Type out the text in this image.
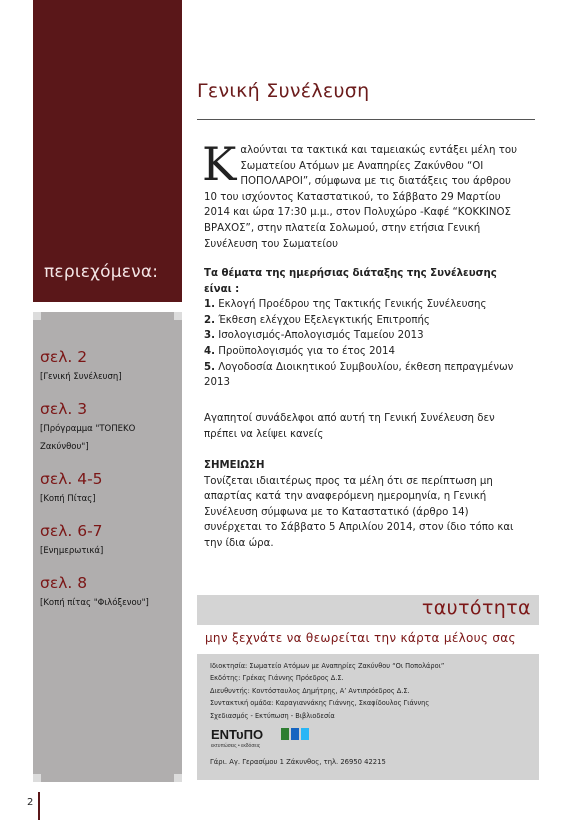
περιεχόμενα:
σελ. 2
[Γενική Συνέλευση]
σελ. 3
[Πρόγραμμα "ΤΟΠΕΚΟ Ζακύνθου"]
σελ. 4-5
[Κοπή Πίτας]
σελ. 6-7
[Ενημερωτικά]
σελ. 8
[Κοπή πίτας "Φιλόξενου"]
Γενική Συνέλευση
Κ αλούνται τα τακτικά και ταμειακώς εντάξει μέλη του Σωματείου Ατόμων με Αναπηρίες Ζακύνθου “ΟΙ ΠΟΠΟΛΑΡΟΙ”, σύμφωνα με τις διατάξεις του άρθρου 10 του ισχύοντος Καταστατικού, το Σάββατο 29 Μαρτίου 2014 και ώρα 17:30 μ.μ., στον Πολυχώρο -Καφέ “ΚΟΚΚΙΝΟΣ ΒΡΑΧΟΣ”, στην πλατεία Σολωμού, στην ετήσια Γενική Συνέλευση του Σωματείου
Τα θέματα της ημερήσιας διάταξης της Συνέλευσης είναι :
1. Εκλογή Προέδρου της Τακτικής Γενικής Συνέλευσης
2. Έκθεση ελέγχου Εξελεγκτικής Επιτροπής
3. Ισολογισμός-Απολογισμός Ταμείου 2013
4. Προϋπολογισμός για το έτος 2014
5. Λογοδοσία Διοικητικού Συμβουλίου, έκθεση πεπραγμένων 2013
Αγαπητοί συνάδελφοι από αυτή τη Γενική Συνέλευση δεν πρέπει να λείψει κανείς
ΣΗΜΕΙΩΣΗ
Τονίζεται ιδιαιτέρως προς τα μέλη ότι σε περίπτωση μη απαρτίας κατά την αναφερόμενη ημερομηνία, η Γενική Συνέλευση σύμφωνα με το Καταστατικό (άρθρο 14) συνέρχεται το Σάββατο 5 Απριλίου 2014, στον ίδιο τόπο και την ίδια ώρα.
ταυτότητα
μην ξεχνάτε να θεωρείται την κάρτα μέλους σας
Ιδιοκτησία: Σωματείο Ατόμων με Αναπηρίες Ζακύνθου “Οι Ποπολάροι”
Εκδότης: Γρέκας Γιάννης Πρόεδρος Δ.Σ.
Διευθυντής: Κοντόσταυλος Δημήτρης, Α’ Αντιπρόεδρος Δ.Σ.
Συντακτική ομάδα: Καραγιαννάκης Γιάννης, Σκαφίδουλος Γιάννης
Σχεδιασμός - Εκτύπωση - Βιβλιοδεσία
ΕΝΤυΠΟ
εκτυπώσεις • εκδόσεις
Γάρι. Αγ. Γερασίμου 1 Ζάκυνθος, τηλ. 26950 42215
2
